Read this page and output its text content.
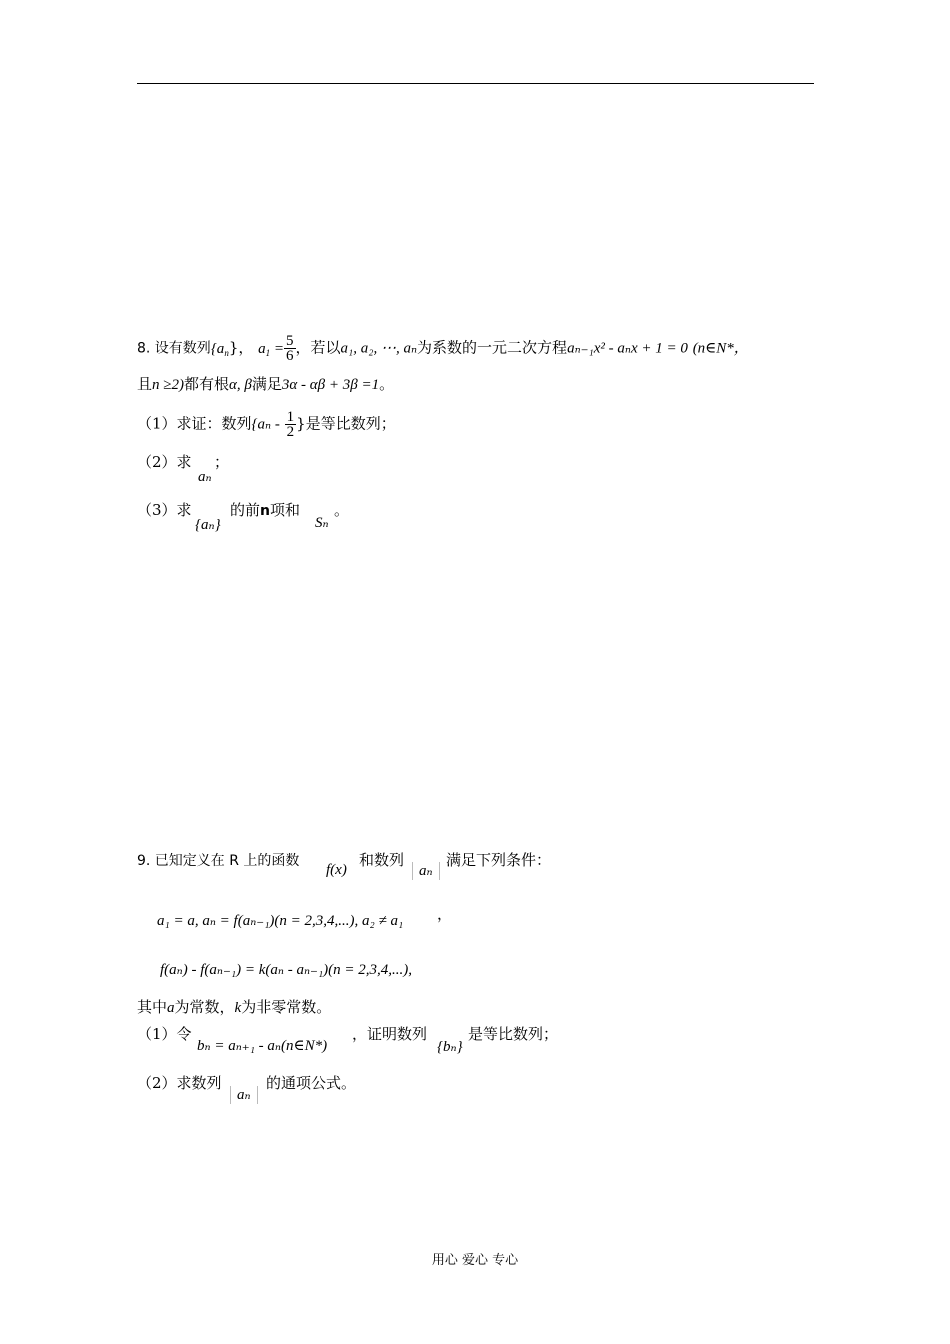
8. 设有数列$\{a_n\}$， $a_1 = \frac{5}{6}$ ，若以a₁, a₂, ⋯, aₙ为系数的一元二次方程aₙ₋₁x² - aₙx + 1 = 0 (n∈N*，
且n ≥2)都有根α, β满足3α - αβ + 3β =1。
（1）求证：数列{$a_n - \frac{1}{2}$ }是等比数列；
（2）求
aₙ
；
（3）求
{aₙ}
的前n项和
Sₙ
。
9. 已知定义在 R 上的函数
f(x)
和数列
aₙ
满足下列条件：
a₁ = a, aₙ = f(aₙ₋₁)(n = 2,3,4,...), a₂ ≠ a₁ ，
f(aₙ) - f(aₙ₋₁) = k(aₙ - aₙ₋₁)(n = 2,3,4,...),
其中a为常数，k为非零常数。
（1）令
bₙ = aₙ₊₁ - aₙ(n∈N*)
，证明数列
{bₙ}
是等比数列；
（2）求数列
aₙ
的通项公式。
用心 爱心 专心
